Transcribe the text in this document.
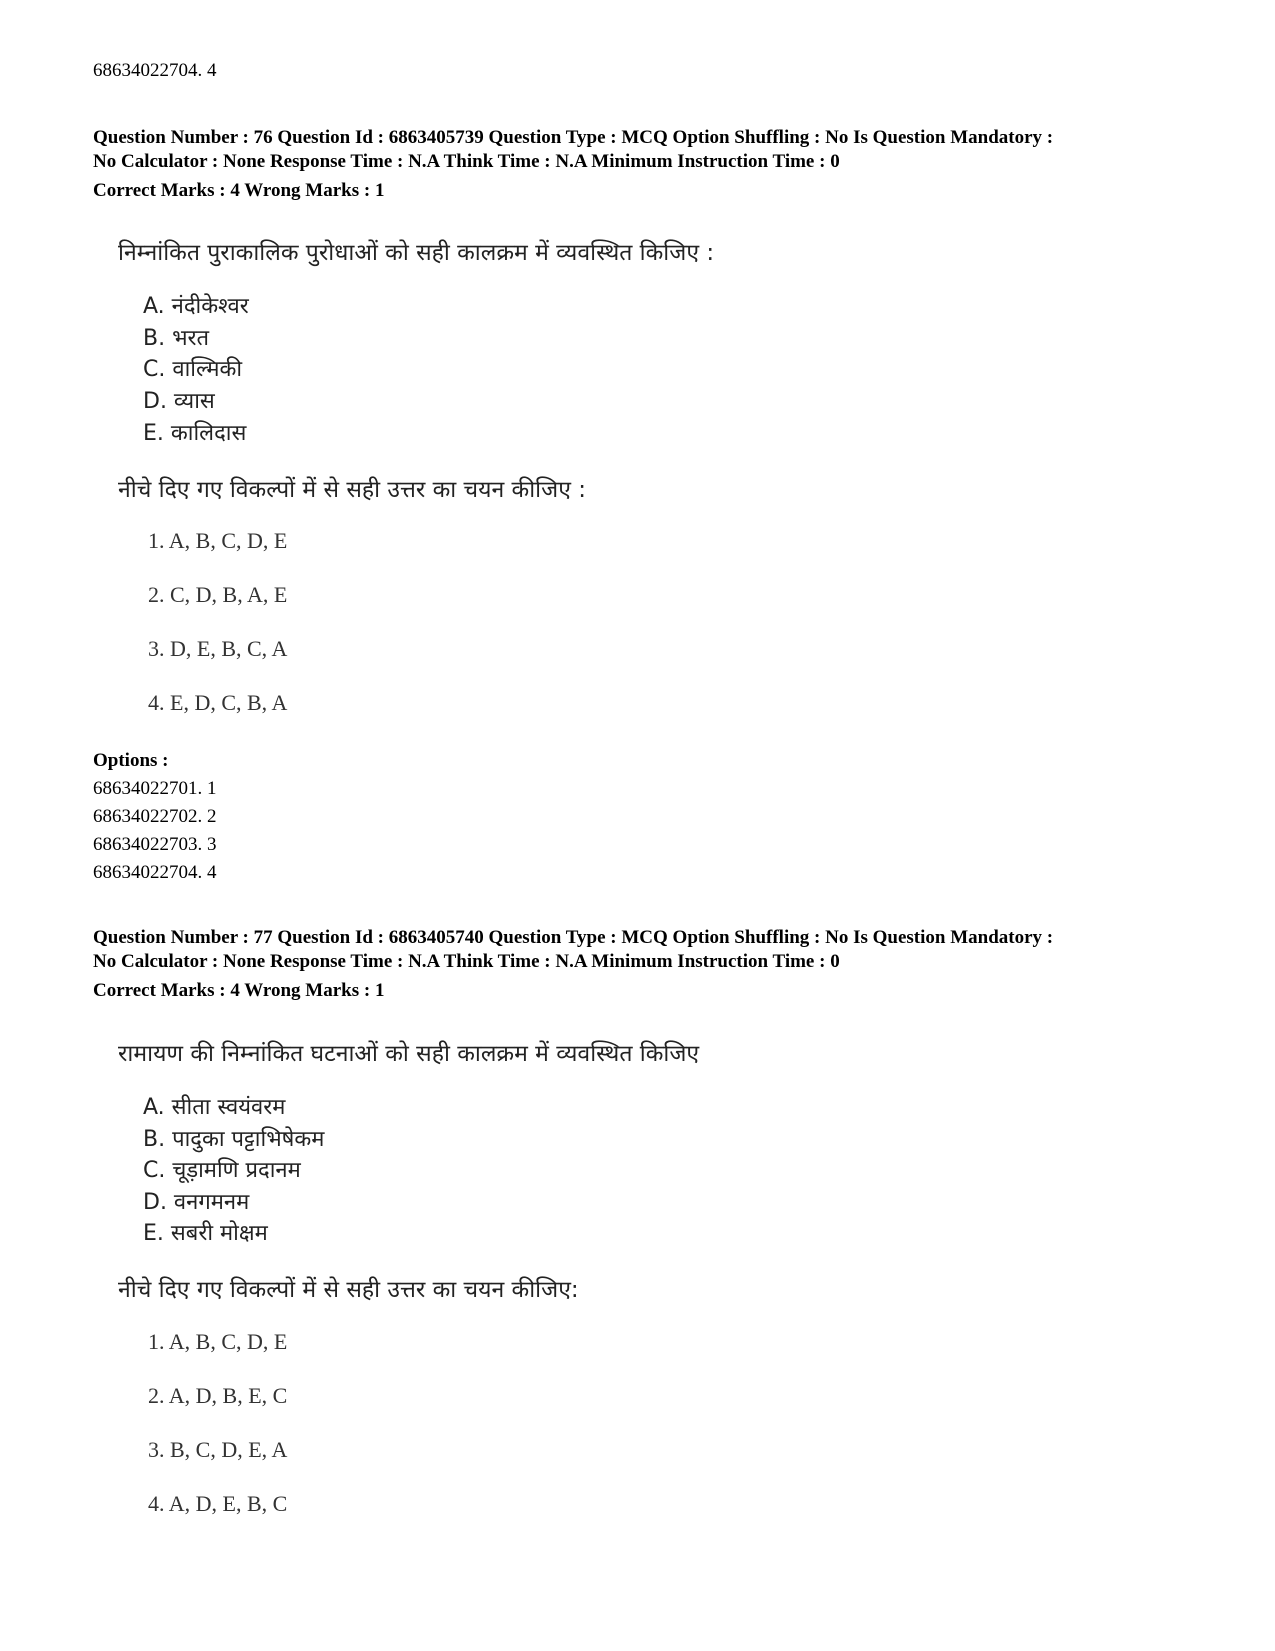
68634022704. 4
Question Number : 76 Question Id : 6863405739 Question Type : MCQ Option Shuffling : No Is Question Mandatory :
No Calculator : None Response Time : N.A Think Time : N.A Minimum Instruction Time : 0
Correct Marks : 4 Wrong Marks : 1
निम्नांकित पुराकालिक पुरोधाओं को सही कालक्रम में व्यवस्थित किजिए :
A. नंदीकेश्वर
B. भरत
C. वाल्मिकी
D. व्यास
E. कालिदास
नीचे दिए गए विकल्पों में से सही उत्तर का चयन कीजिए :
1. A, B, C, D, E
2. C, D, B, A, E
3. D, E, B, C, A
4. E, D, C, B, A
Options :
68634022701. 1
68634022702. 2
68634022703. 3
68634022704. 4
Question Number : 77 Question Id : 6863405740 Question Type : MCQ Option Shuffling : No Is Question Mandatory :
No Calculator : None Response Time : N.A Think Time : N.A Minimum Instruction Time : 0
Correct Marks : 4 Wrong Marks : 1
रामायण की निम्नांकित घटनाओं को सही कालक्रम में व्यवस्थित किजिए
A. सीता स्वयंवरम
B. पादुका पट्टाभिषेकम
C. चूड़ामणि प्रदानम
D. वनगमनम
E. सबरी मोक्षम
नीचे दिए गए विकल्पों में से सही उत्तर का चयन कीजिए:
1. A, B, C, D, E
2. A, D, B, E, C
3. B, C, D, E, A
4. A, D, E, B, C
